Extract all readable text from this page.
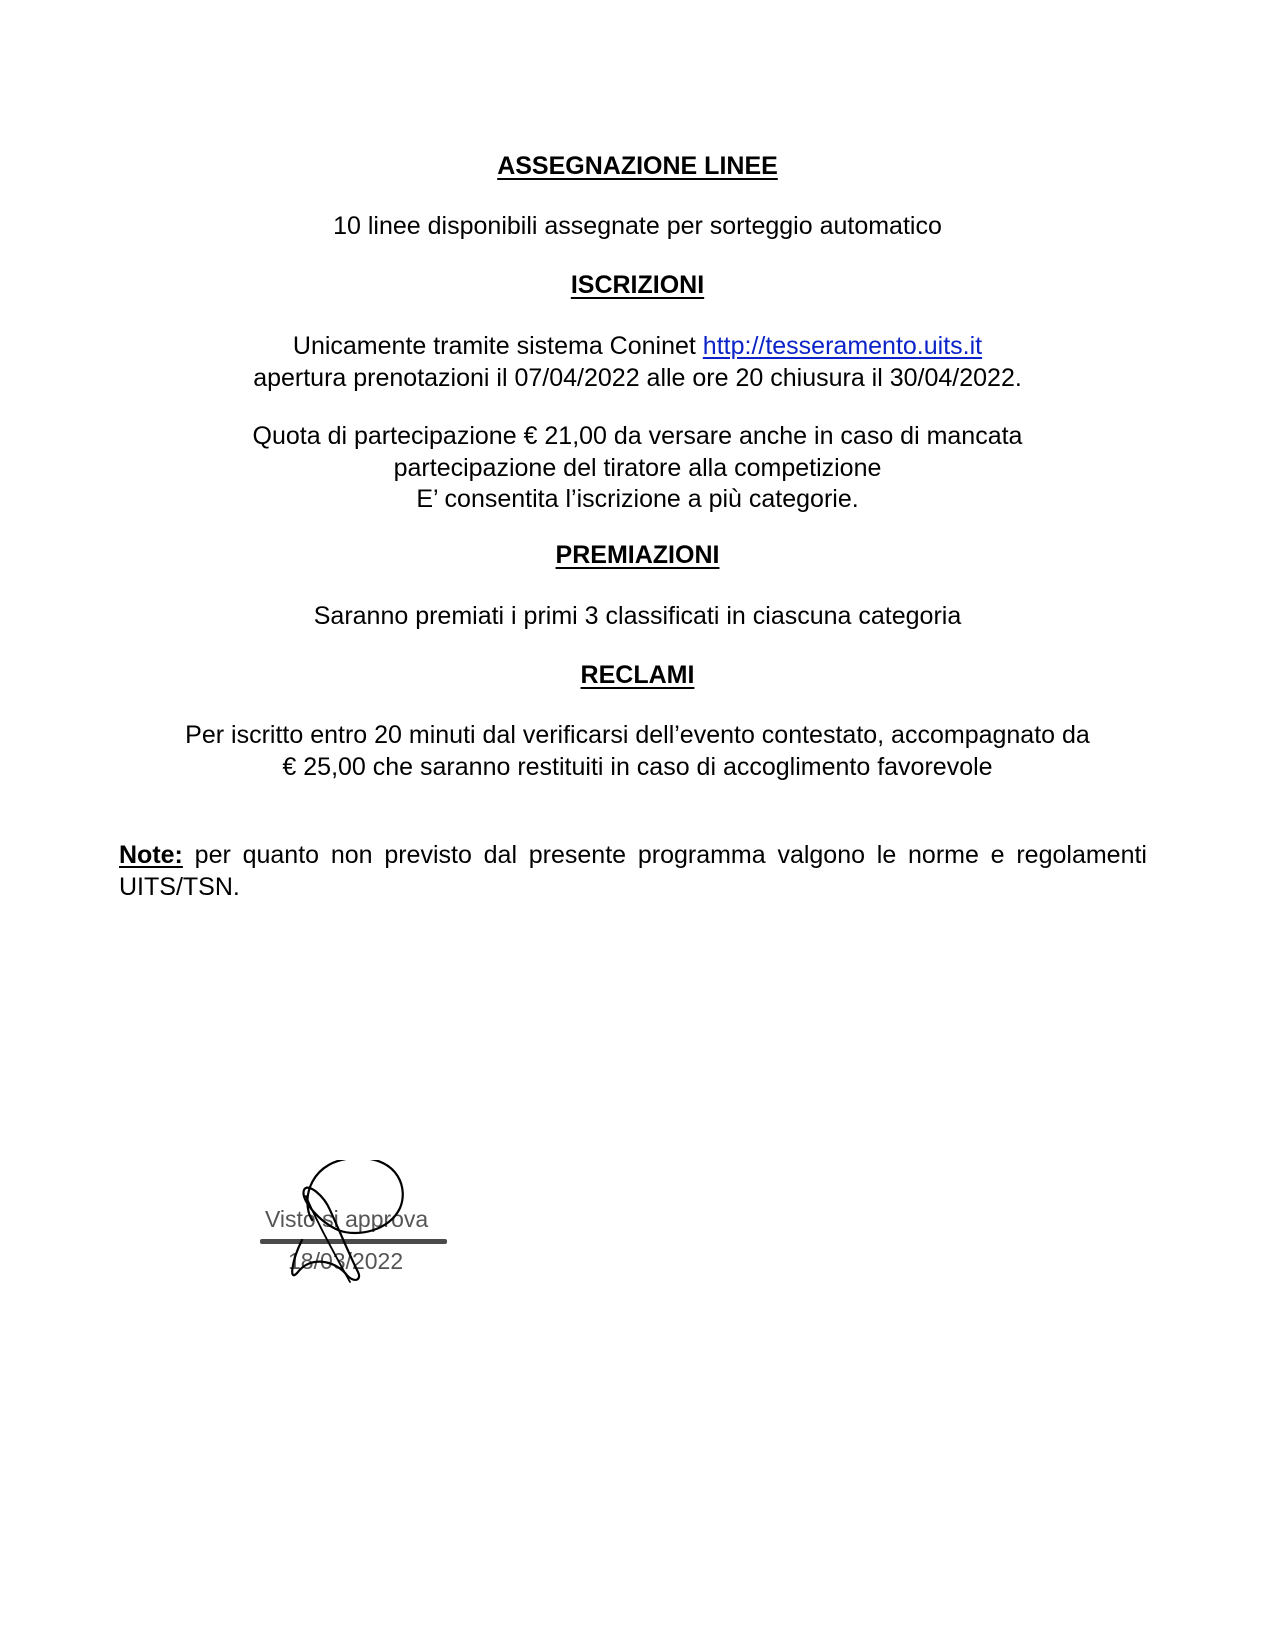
ASSEGNAZIONE LINEE
10 linee disponibili assegnate per sorteggio automatico
ISCRIZIONI
Unicamente tramite sistema Coninet http://tesseramento.uits.it
apertura prenotazioni il 07/04/2022 alle ore 20 chiusura il 30/04/2022.
Quota di partecipazione € 21,00 da versare anche in caso di mancata
partecipazione del tiratore alla competizione
E’ consentita l’iscrizione a più categorie.
PREMIAZIONI
Saranno premiati i primi 3 classificati in ciascuna categoria
RECLAMI
Per iscritto entro 20 minuti dal verificarsi dell’evento contestato, accompagnato da
€ 25,00 che saranno restituiti in caso di accoglimento favorevole
Note: per quanto non previsto dal presente programma valgono le norme e regolamenti UITS/TSN.
Visto si approva
18/03/2022
